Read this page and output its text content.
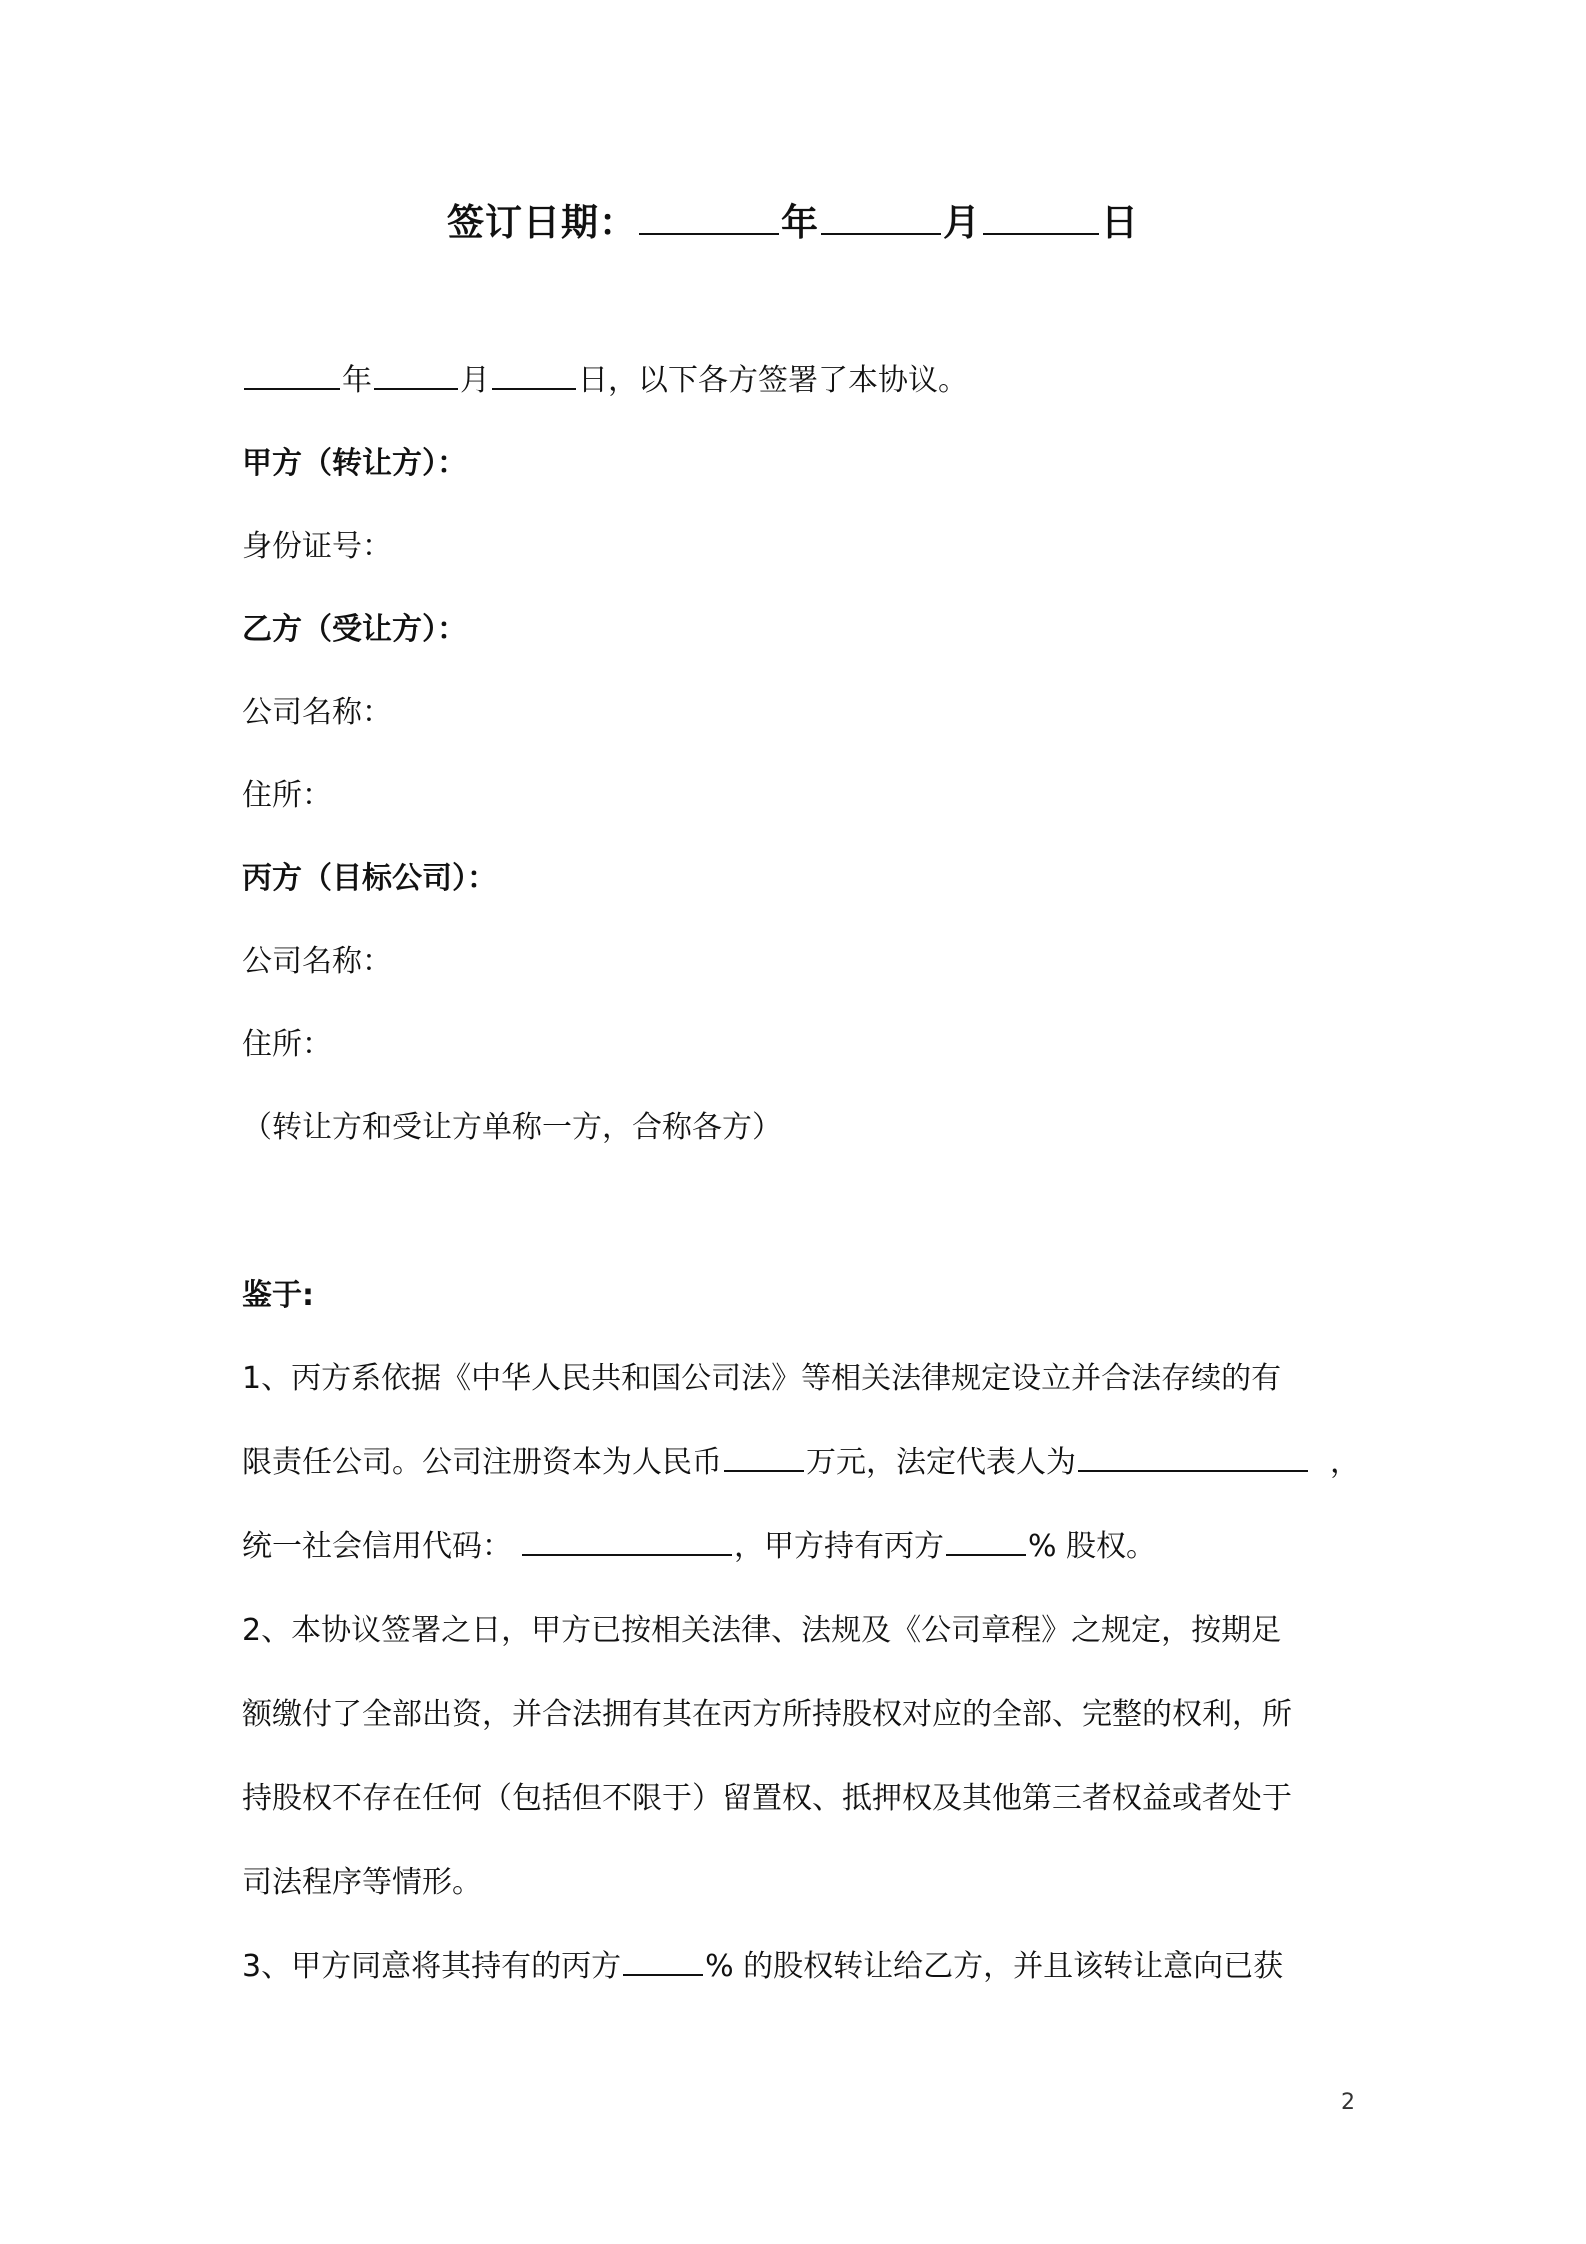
签订日期：	年	月	日
年	月	日，以下各方签署了本协议。
甲方（转让方）：
身份证号：
乙方（受让方）：
公司名称：
住所：
丙方（目标公司）：
公司名称：
住所：
（转让方和受让方单称一方，合称各方）
鉴于:
1、丙方系依据《中华人民共和国公司法》等相关法律规定设立并合法存续的有
限责任公司。公司注册资本为人民币	万元，法定代表人为	，
统一社会信用代码：	，甲方持有丙方	% 股权。
2、本协议签署之日，甲方已按相关法律、法规及《公司章程》之规定，按期足
额缴付了全部出资，并合法拥有其在丙方所持股权对应的全部、完整的权利，所
持股权不存在任何（包括但不限于）留置权、抵押权及其他第三者权益或者处于
司法程序等情形。
3、甲方同意将其持有的丙方	% 的股权转让给乙方，并且该转让意向已获
2
